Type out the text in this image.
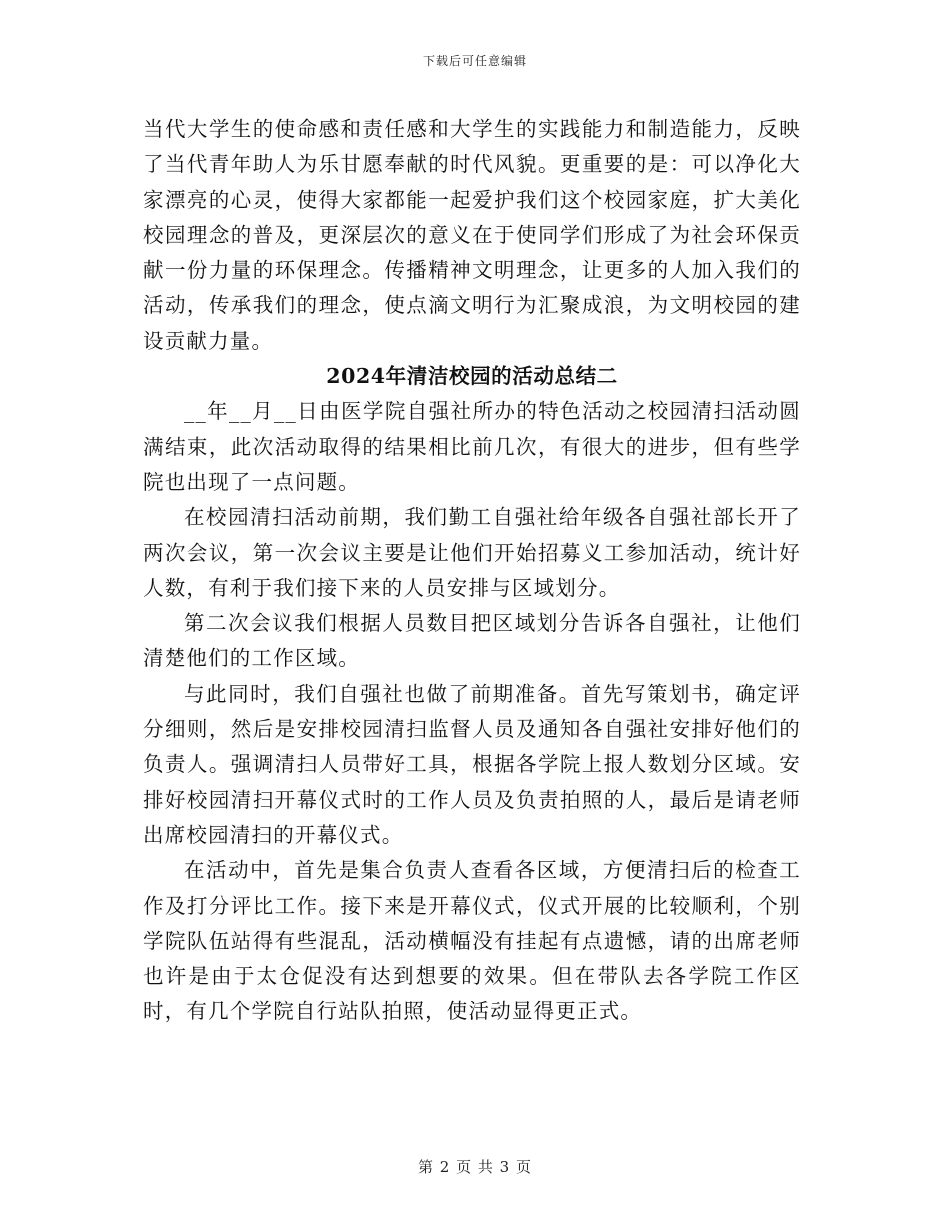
下载后可任意编辑

当代大学生的使命感和责任感和大学生的实践能力和制造能力，反映了当代青年助人为乐甘愿奉献的时代风貌。更重要的是：可以净化大家漂亮的心灵，使得大家都能一起爱护我们这个校园家庭，扩大美化校园理念的普及，更深层次的意义在于使同学们形成了为社会环保贡献一份力量的环保理念。传播精神文明理念，让更多的人加入我们的活动，传承我们的理念，使点滴文明行为汇聚成浪，为文明校园的建设贡献力量。

2024年清洁校园的活动总结二

__年__月__日由医学院自强社所办的特色活动之校园清扫活动圆满结束，此次活动取得的结果相比前几次，有很大的进步，但有些学院也出现了一点问题。

在校园清扫活动前期，我们勤工自强社给年级各自强社部长开了两次会议，第一次会议主要是让他们开始招募义工参加活动，统计好人数，有利于我们接下来的人员安排与区域划分。

第二次会议我们根据人员数目把区域划分告诉各自强社，让他们清楚他们的工作区域。

与此同时，我们自强社也做了前期准备。首先写策划书，确定评分细则，然后是安排校园清扫监督人员及通知各自强社安排好他们的负责人。强调清扫人员带好工具，根据各学院上报人数划分区域。安排好校园清扫开幕仪式时的工作人员及负责拍照的人，最后是请老师出席校园清扫的开幕仪式。

在活动中，首先是集合负责人查看各区域，方便清扫后的检查工作及打分评比工作。接下来是开幕仪式，仪式开展的比较顺利，个别学院队伍站得有些混乱，活动横幅没有挂起有点遗憾，请的出席老师也许是由于太仓促没有达到想要的效果。但在带队去各学院工作区时，有几个学院自行站队拍照，使活动显得更正式。

第 2 页 共 3 页
